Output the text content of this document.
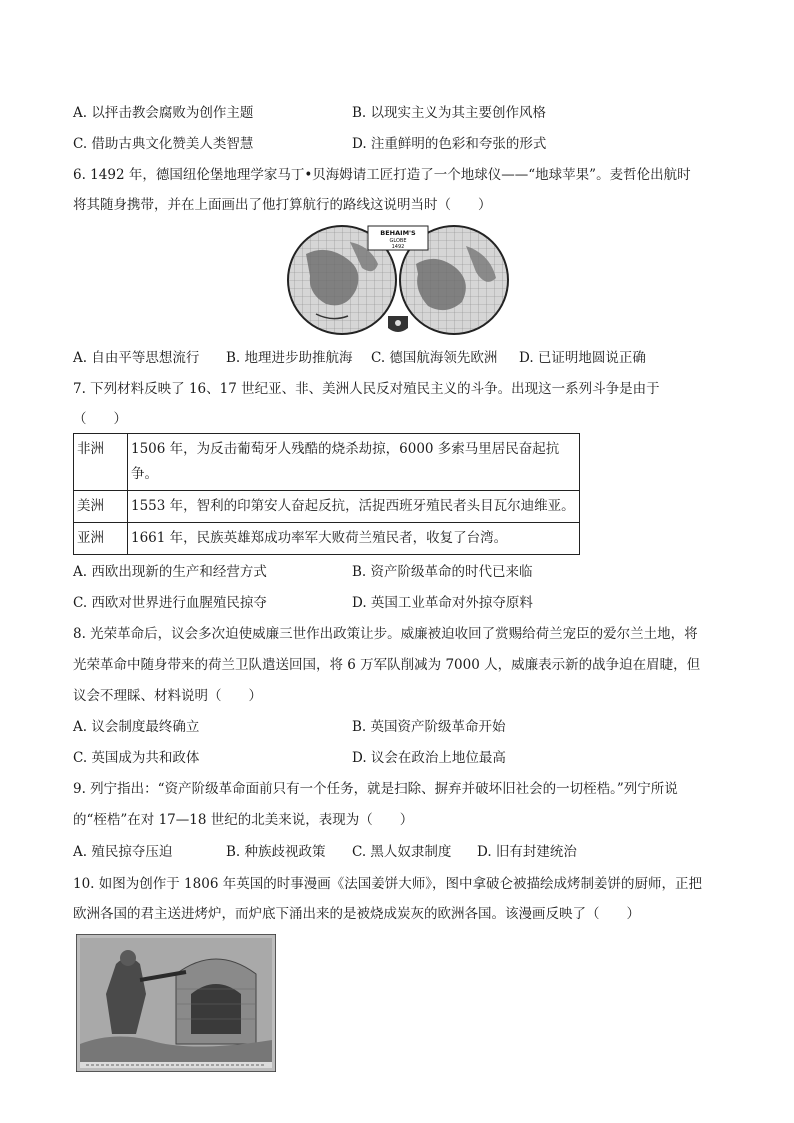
A. 以抨击教会腐败为创作主题	B. 以现实主义为其主要创作风格
C. 借助古典文化赞美人类智慧	D. 注重鲜明的色彩和夸张的形式
6. 1492 年，德国纽伦堡地理学家马丁•贝海姆请工匠打造了一个地球仪——“地球苹果”。麦哲伦出航时
将其随身携带，并在上面画出了他打算航行的路线这说明当时（　　）
BEHAIM'S
GLOBE
1492
A. 自由平等思想流行 B. 地理进步助推航海 C. 德国航海领先欧洲 D. 已证明地圆说正确
7. 下列材料反映了 16、17 世纪亚、非、美洲人民反对殖民主义的斗争。出现这一系列斗争是由于
（　　）
非洲	1506 年，为反击葡萄牙人残酷的烧杀劫掠，6000 多索马里居民奋起抗
争。

美洲	1553 年，智利的印第安人奋起反抗，活捉西班牙殖民者头目瓦尔迪维亚。
亚洲	1661 年，民族英雄郑成功率军大败荷兰殖民者，收复了台湾。
A. 西欧出现新的生产和经营方式	B. 资产阶级革命的时代已来临
C. 西欧对世界进行血腥殖民掠夺	D. 英国工业革命对外掠夺原料
8. 光荣革命后，议会多次迫使威廉三世作出政策让步。威廉被迫收回了赏赐给荷兰宠臣的爱尔兰土地，将
光荣革命中随身带来的荷兰卫队遣送回国，将 6 万军队削减为 7000 人，威廉表示新的战争迫在眉睫，但
议会不理睬、材料说明（　　）
A. 议会制度最终确立	B. 英国资产阶级革命开始
C. 英国成为共和政体	D. 议会在政治上地位最高
9. 列宁指出：“资产阶级革命面前只有一个任务，就是扫除、摒弃并破坏旧社会的一切桎梏。”列宁所说
的“桎梏”在对 17—18 世纪的北美来说，表现为（　　）
A. 殖民掠夺压迫	B. 种族歧视政策 C. 黑人奴隶制度 D. 旧有封建统治
10. 如图为创作于 1806 年英国的时事漫画《法国姜饼大师》，图中拿破仑被描绘成烤制姜饼的厨师，正把
欧洲各国的君主送进烤炉，而炉底下涌出来的是被烧成炭灰的欧洲各国。该漫画反映了（　　）
